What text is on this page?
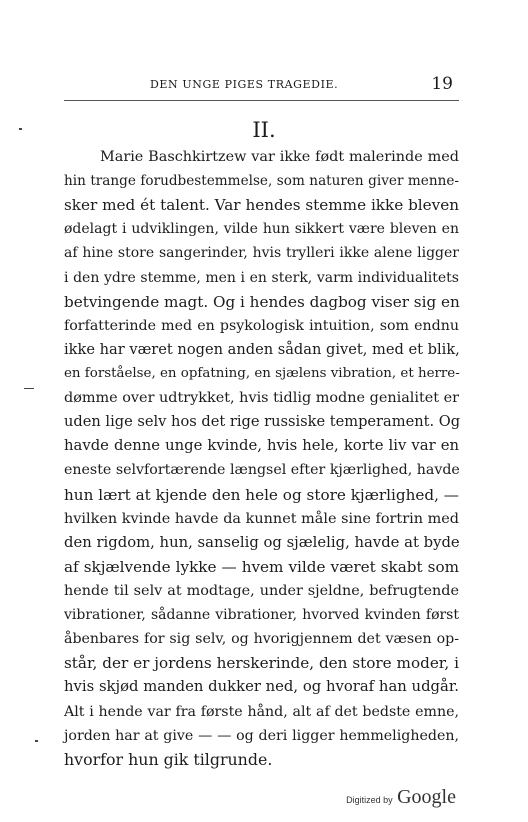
DEN UNGE PIGES TRAGEDIE.	19
II.
Marie Baschkirtzew var ikke født malerinde med
hin trange forudbestemmelse, som naturen giver menne-
sker med ét talent. Var hendes stemme ikke bleven
ødelagt i udviklingen, vilde hun sikkert være bleven en
af hine store sangerinder, hvis trylleri ikke alene ligger
i den ydre stemme, men i en sterk, varm individualitets
betvingende magt. Og i hendes dagbog viser sig en
forfatterinde med en psykologisk intuition, som endnu
ikke har været nogen anden sådan givet, med et blik,
en forståelse, en opfatning, en sjælens vibration, et herre-
dømme over udtrykket, hvis tidlig modne genialitet er
uden lige selv hos det rige russiske temperament. Og
havde denne unge kvinde, hvis hele, korte liv var en
eneste selvfortærende længsel efter kjærlighed, havde
hun lært at kjende den hele og store kjærlighed, —
hvilken kvinde havde da kunnet måle sine fortrin med
den rigdom, hun, sanselig og sjælelig, havde at byde
af skjælvende lykke — hvem vilde været skabt som
hende til selv at modtage, under sjeldne, befrugtende
vibrationer, sådanne vibrationer, hvorved kvinden først
åbenbares for sig selv, og hvorigjennem det væsen op-
står, der er jordens herskerinde, den store moder, i
hvis skjød manden dukker ned, og hvoraf han udgår.
Alt i hende var fra første hånd, alt af det bedste emne,
jorden har at give — — og deri ligger hemmeligheden,
hvorfor hun gik tilgrunde.
Digitized by Google
